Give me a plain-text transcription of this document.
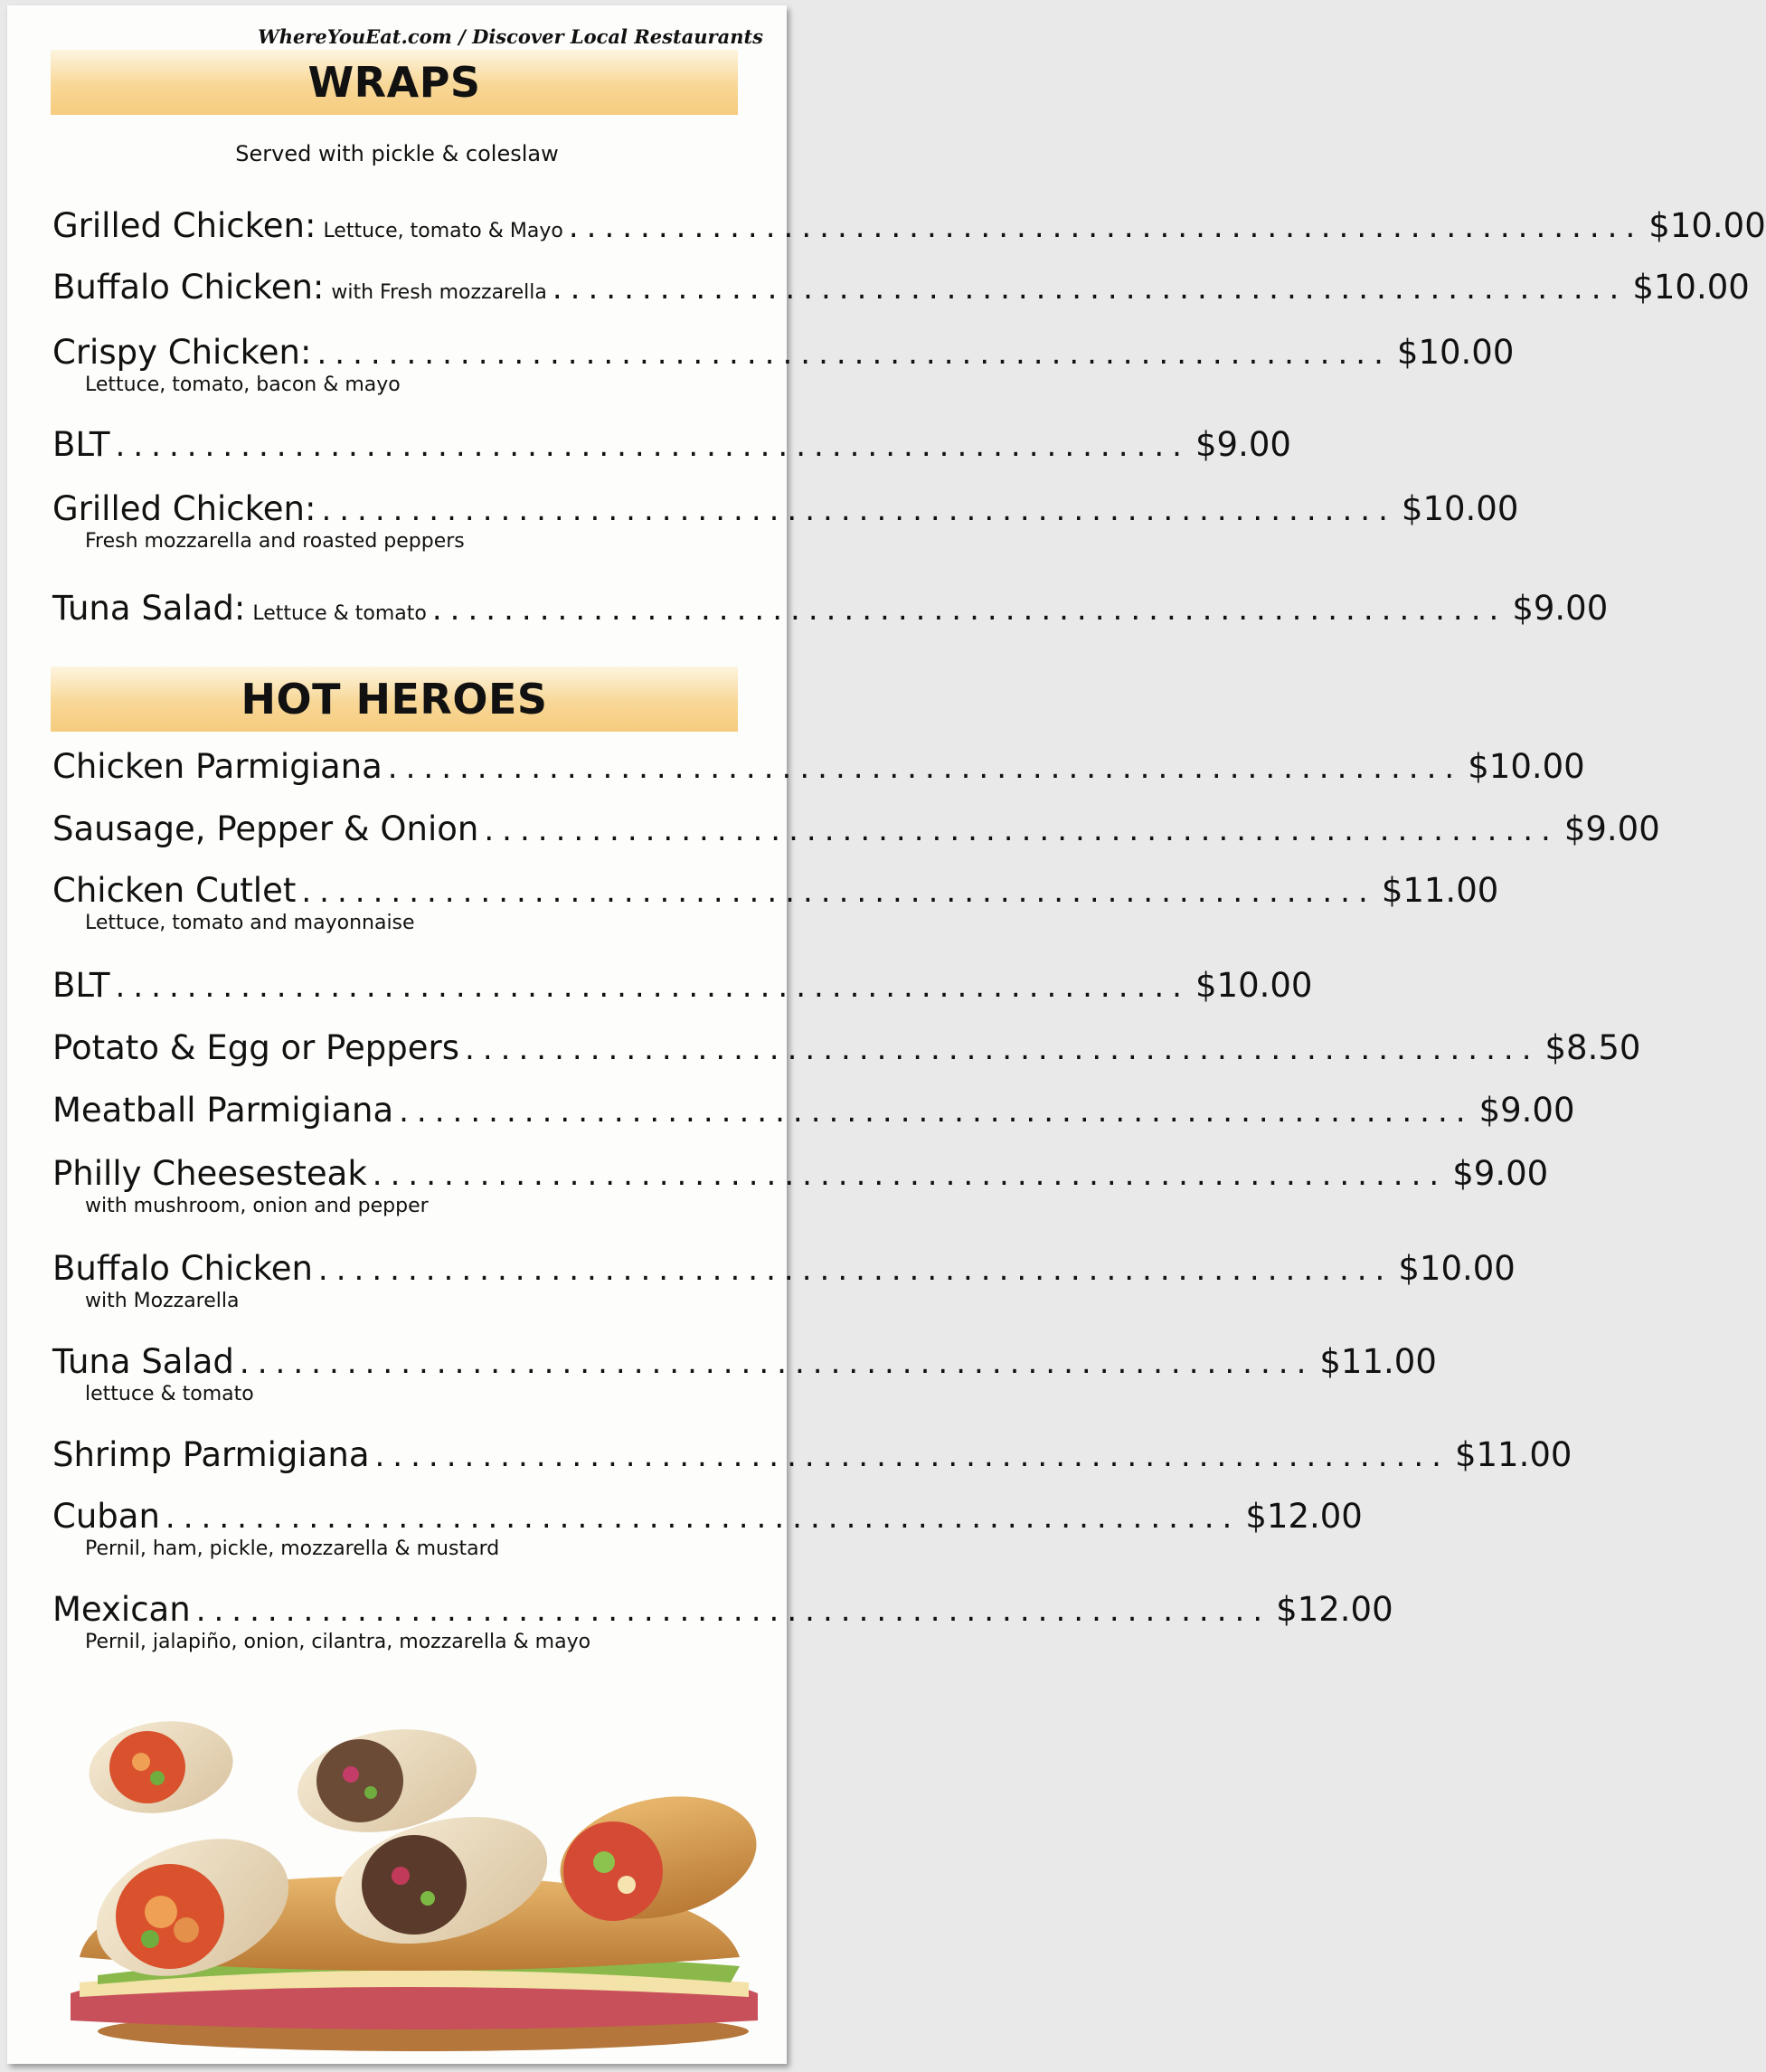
WhereYouEat.com / Discover Local Restaurants
WRAPS
Served with pickle & coleslaw
Grilled Chicken: Lettuce, tomato & Mayo ............................................................ $10.00
Buffalo Chicken: with Fresh mozzarella ............................................................ $10.00
Crispy Chicken: ............................................................ $10.00
Lettuce, tomato, bacon & mayo
BLT ............................................................ $9.00
Grilled Chicken: ............................................................ $10.00
Fresh mozzarella and roasted peppers
Tuna Salad: Lettuce & tomato ............................................................ $9.00
HOT HEROES
Chicken Parmigiana ............................................................ $10.00
Sausage, Pepper & Onion ............................................................ $9.00
Chicken Cutlet ............................................................ $11.00
Lettuce, tomato and mayonnaise
BLT ............................................................ $10.00
Potato & Egg or Peppers ............................................................ $8.50
Meatball Parmigiana ............................................................ $9.00
Philly Cheesesteak ............................................................ $9.00
with mushroom, onion and pepper
Buffalo Chicken ............................................................ $10.00
with Mozzarella
Tuna Salad ............................................................ $11.00
lettuce & tomato
Shrimp Parmigiana ............................................................ $11.00
Cuban ............................................................ $12.00
Pernil, ham, pickle, mozzarella & mustard
Mexican ............................................................ $12.00
Pernil, jalapiño, onion, cilantra, mozzarella & mayo
